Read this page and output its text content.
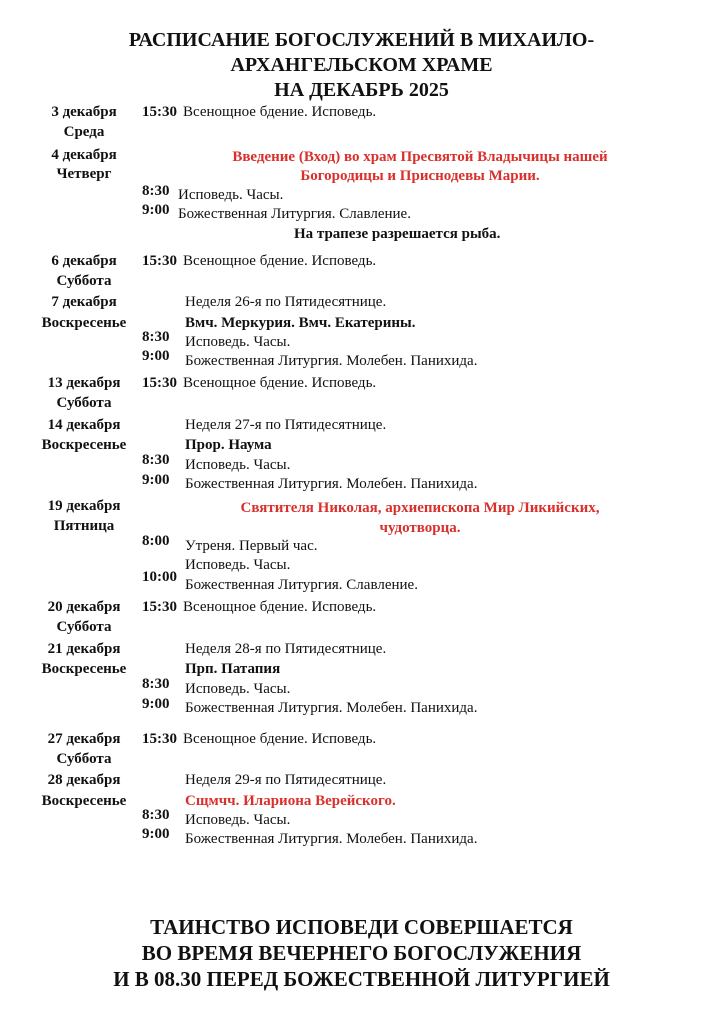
РАСПИСАНИЕ БОГОСЛУЖЕНИЙ В МИХАИЛО-
АРХАНГЕЛЬСКОМ ХРАМЕ
НА ДЕКАБРЬ 2025
3 декабря
Среда
15:30 Всенощное бдение. Исповедь.
4 декабря
Четверг
Введение (Вход) во храм Пресвятой Владычицы нашей
Богородицы и Приснодевы Марии.
8:30 Исповедь. Часы.
9:00 Божественная Литургия. Славление.
На трапезе разрешается рыба.
6 декабря
Суббота
15:30 Всенощное бдение. Исповедь.
7 декабря
Воскресенье
Неделя 26-я по Пятидесятнице.
Вмч. Меркурия. Вмч. Екатерины.
8:30 Исповедь. Часы.
9:00 Божественная Литургия. Молебен. Панихида.
13 декабря
Суббота
15:30 Всенощное бдение. Исповедь.
14 декабря
Воскресенье
Неделя 27-я по Пятидесятнице.
Прор. Наума
8:30 Исповедь. Часы.
9:00 Божественная Литургия. Молебен. Панихида.
19 декабря
Пятница
Святителя Николая, архиепископа Мир Ликийских,
чудотворца.
8:00 Утреня. Первый час.
Исповедь. Часы.
10:00 Божественная Литургия. Славление.
20 декабря
Суббота
15:30 Всенощное бдение. Исповедь.
21 декабря
Воскресенье
Неделя 28-я по Пятидесятнице.
Прп. Патапия
8:30 Исповедь. Часы.
9:00 Божественная Литургия. Молебен. Панихида.
27 декабря
Суббота
15:30 Всенощное бдение. Исповедь.
28 декабря
Воскресенье
Неделя 29-я по Пятидесятнице.
Сщмчч. Илариона Верейского.
8:30 Исповедь. Часы.
9:00 Божественная Литургия. Молебен. Панихида.
ТАИНСТВО ИСПОВЕДИ СОВЕРШАЕТСЯ
ВО ВРЕМЯ ВЕЧЕРНЕГО БОГОСЛУЖЕНИЯ
И В 08.30 ПЕРЕД БОЖЕСТВЕННОЙ ЛИТУРГИЕЙ
